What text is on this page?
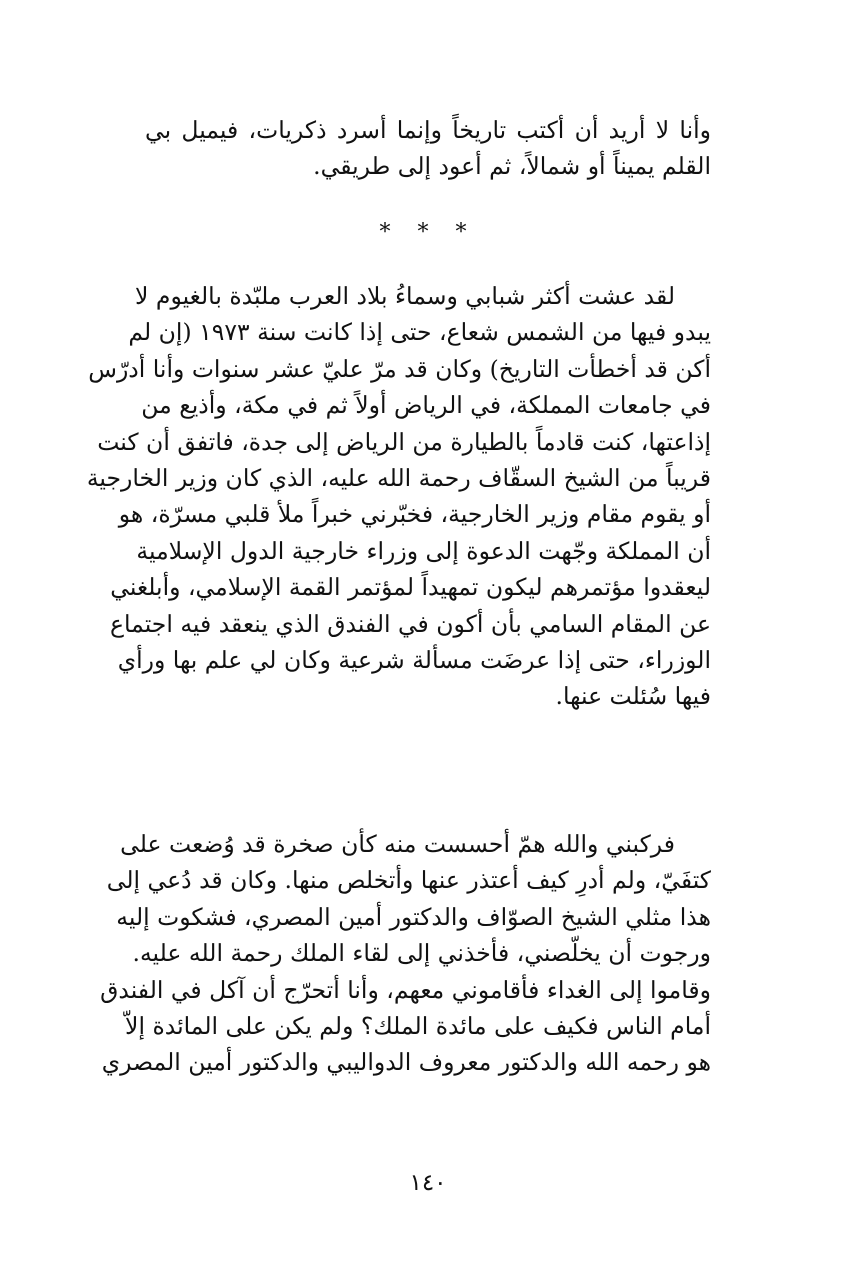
وأنا لا أريد أن أكتب تاريخاً وإنما أسرد ذكريات، فيميل بي
القلم يميناً أو شمالاً، ثم أعود إلى طريقي.
* * *
لقد عشت أكثر شبابي وسماءُ بلاد العرب ملبّدة بالغيوم لا
يبدو فيها من الشمس شعاع، حتى إذا كانت سنة ١٩٧٣ (إن لم
أكن قد أخطأت التاريخ) وكان قد مرّ عليّ عشر سنوات وأنا أدرّس
في جامعات المملكة، في الرياض أولاً ثم في مكة، وأذيع من
إذاعتها، كنت قادماً بالطيارة من الرياض إلى جدة، فاتفق أن كنت
قريباً من الشيخ السقّاف رحمة الله عليه، الذي كان وزير الخارجية
أو يقوم مقام وزير الخارجية، فخبّرني خبراً ملأ قلبي مسرّة، هو
أن المملكة وجّهت الدعوة إلى وزراء خارجية الدول الإسلامية
ليعقدوا مؤتمرهم ليكون تمهيداً لمؤتمر القمة الإسلامي، وأبلغني
عن المقام السامي بأن أكون في الفندق الذي ينعقد فيه اجتماع
الوزراء، حتى إذا عرضَت مسألة شرعية وكان لي علم بها ورأي
فيها سُئلت عنها.
فركبني والله همّ أحسست منه كأن صخرة قد وُضعت على
كتفَيّ، ولم أدرِ كيف أعتذر عنها وأتخلص منها. وكان قد دُعي إلى
هذا مثلي الشيخ الصوّاف والدكتور أمين المصري، فشكوت إليه
ورجوت أن يخلّصني، فأخذني إلى لقاء الملك رحمة الله عليه.
وقاموا إلى الغداء فأقاموني معهم، وأنا أتحرّج أن آكل في الفندق
أمام الناس فكيف على مائدة الملك؟ ولم يكن على المائدة إلاّ
هو رحمه الله والدكتور معروف الدواليبي والدكتور أمين المصري
١٤٠
